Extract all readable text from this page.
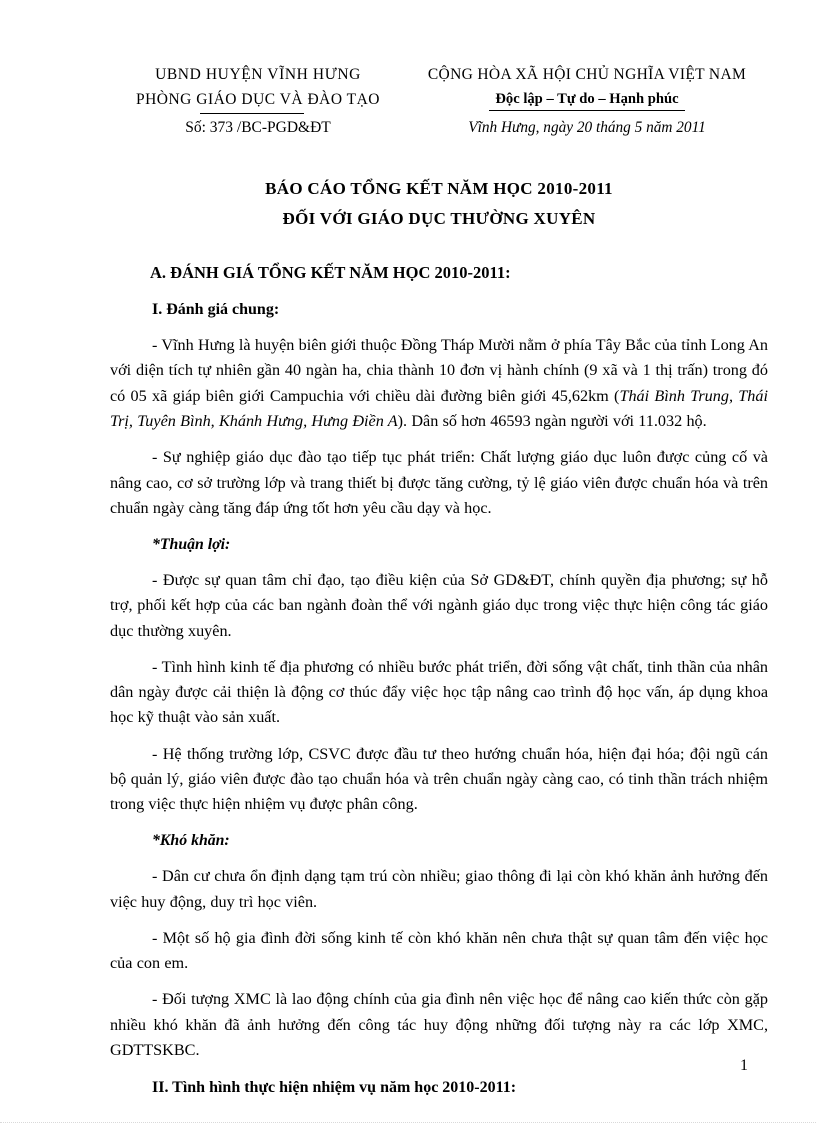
UBND HUYỆN VĨNH HƯNG	CỘNG HÒA XÃ HỘI CHỦ NGHĨA VIỆT NAM
PHÒNG GIÁO DỤC VÀ ĐÀO TẠO	Độc lập – Tự do – Hạnh phúc
Số: 373 /BC-PGD&ĐT	Vĩnh Hưng, ngày 20 tháng 5 năm 2011
BÁO CÁO TỔNG KẾT NĂM HỌC 2010-2011
ĐỐI VỚI GIÁO DỤC THƯỜNG XUYÊN
A. ĐÁNH GIÁ TỔNG KẾT NĂM HỌC 2010-2011:
I. Đánh giá chung:

- Vĩnh Hưng là huyện biên giới thuộc Đồng Tháp Mười nằm ở phía Tây Bắc của tỉnh Long An với diện tích tự nhiên gần 40 ngàn ha, chia thành 10 đơn vị hành chính (9 xã và 1 thị trấn) trong đó có 05 xã giáp biên giới Campuchia với chiều dài đường biên giới 45,62km (Thái Bình Trung, Thái Trị, Tuyên Bình, Khánh Hưng, Hưng Điền A). Dân số hơn 46593 ngàn người với 11.032 hộ.

- Sự nghiệp giáo dục đào tạo tiếp tục phát triển: Chất lượng giáo dục luôn được củng cố và nâng cao, cơ sở trường lớp và trang thiết bị được tăng cường, tỷ lệ giáo viên được chuẩn hóa và trên chuẩn ngày càng tăng đáp ứng tốt hơn yêu cầu dạy và học.

*Thuận lợi:

- Được sự quan tâm chỉ đạo, tạo điều kiện của Sở GD&ĐT, chính quyền địa phương; sự hỗ trợ, phối kết hợp của các ban ngành đoàn thể với ngành giáo dục trong việc thực hiện công tác giáo dục thường xuyên.

- Tình hình kinh tế địa phương có nhiều bước phát triển, đời sống vật chất, tinh thần của nhân dân ngày được cải thiện là động cơ thúc đẩy việc học tập nâng cao trình độ học vấn, áp dụng khoa học kỹ thuật vào sản xuất.

- Hệ thống trường lớp, CSVC được đầu tư theo hướng chuẩn hóa, hiện đại hóa; đội ngũ cán bộ quản lý, giáo viên được đào tạo chuẩn hóa và trên chuẩn ngày càng cao, có tinh thần trách nhiệm trong việc thực hiện nhiệm vụ được phân công.

*Khó khăn:

- Dân cư chưa ổn định dạng tạm trú còn nhiều; giao thông đi lại còn khó khăn ảnh hưởng đến việc huy động, duy trì học viên.

- Một số hộ gia đình đời sống kinh tế còn khó khăn nên chưa thật sự quan tâm đến việc học của con em.

- Đối tượng XMC là lao động chính của gia đình nên việc học để nâng cao kiến thức còn gặp nhiều khó khăn đã ảnh hưởng đến công tác huy động những đối tượng này ra các lớp XMC, GDTTSKBC.

II. Tình hình thực hiện nhiệm vụ năm học 2010-2011:
1
